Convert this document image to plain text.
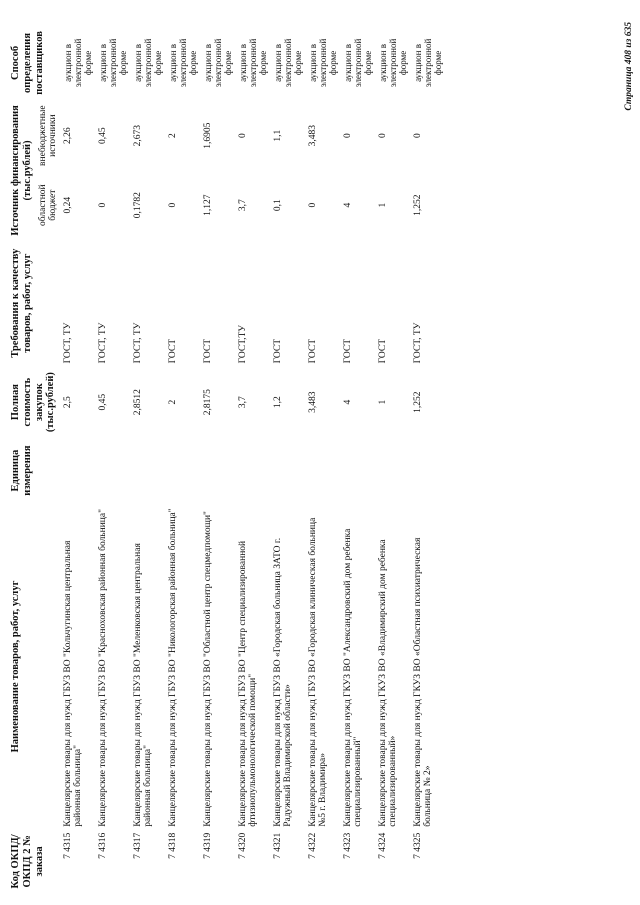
Код ОКПД/ ОКПД 2 № заказа	Наименование товаров, работ, услуг	Единица измерения	Полная стоимость закупок (тыс.рублей)	Требования к качеству товаров, работ, услуг	Источник финансирования (тыс.рублей)		Способ определения поставщиков
					областной бюджет	внебюджетные источники	
7 4315	Канцелярские товары для нужд ГБУЗ ВО "Кольчугинская центральная районная больница"		2,5	ГОСТ, ТУ	0,24	2,26	аукцион в электронной форме
7 4316	Канцелярские товары для нужд ГБУЗ ВО "Красноховская районная больница"		0,45	ГОСТ, ТУ	0	0,45	аукцион в электронной форме
7 4317	Канцелярские товары для нужд ГБУЗ ВО "Меленковская центральная районная больница"		2,8512	ГОСТ, ТУ	0,1782	2,673	аукцион в электронной форме
7 4318	Канцелярские товары для нужд ГБУЗ ВО "Никологорская районная больница"		2	ГОСТ	0	2	аукцион в электронной форме
7 4319	Канцелярские товары для нужд ГБУЗ ВО "Областной центр спецмедпомощи"		2,8175	ГОСТ	1,127	1,6905	аукцион в электронной форме
7 4320	Канцелярские товары для нужд ГБУЗ ВО "Центр специализированной фтизиопульмонологической помощи"		3,7	ГОСТ,ТУ	3,7	0	аукцион в электронной форме
7 4321	Канцелярские товары для нужд ГБУЗ ВО «Городская больница ЗАТО г. Радужный Владимирской области»		1,2	ГОСТ	0,1	1,1	аукцион в электронной форме
7 4322	Канцелярские товары для нужд ГБУЗ ВО «Городская клиническая больница №5 г. Владимира»		3,483	ГОСТ	0	3,483	аукцион в электронной форме
7 4323	Канцелярские товары для нужд ГКУЗ ВО "Александровский дом ребенка специализированный"		4	ГОСТ	4	0	аукцион в электронной форме
7 4324	Канцелярские товары для нужд ГКУЗ ВО «Владимирский дом ребенка специализированный»		1	ГОСТ	1	0	аукцион в электронной форме
7 4325	Канцелярские товары для нужд ГКУЗ ВО «Областная психиатрическая больница № 2»		1,252	ГОСТ, ТУ	1,252	0	аукцион в электронной форме	Страница 408 из 635
